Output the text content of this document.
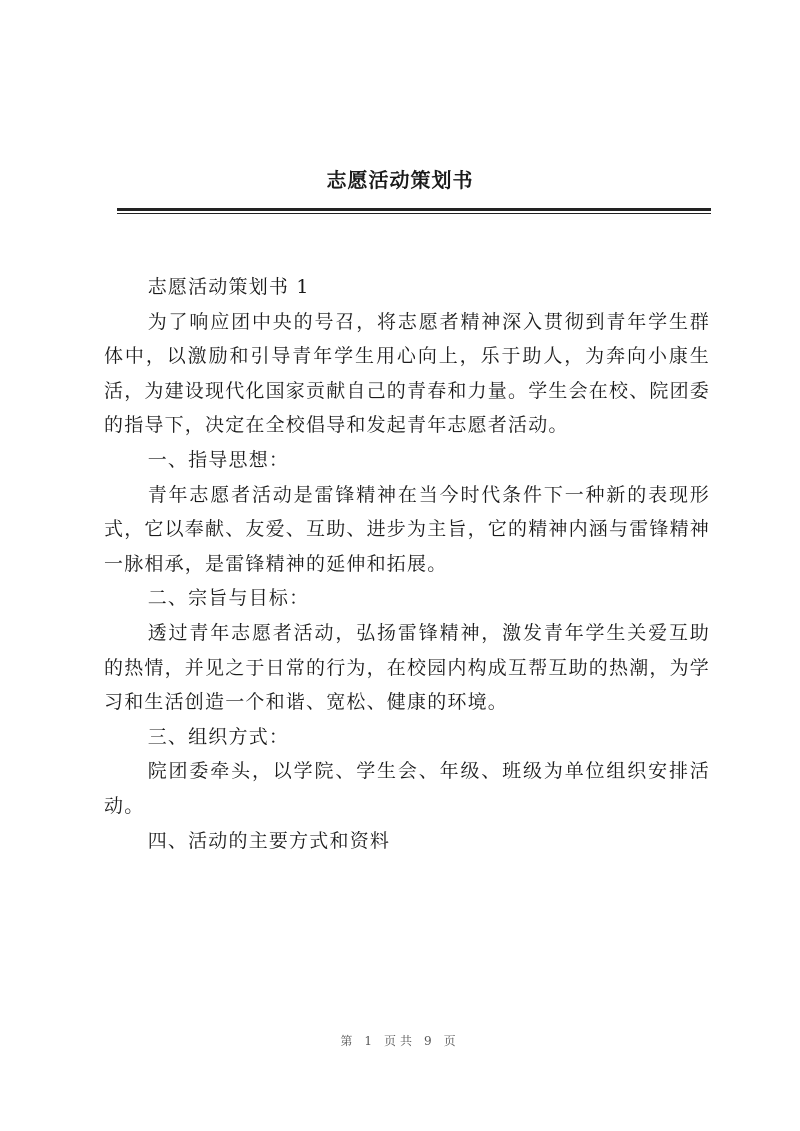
志愿活动策划书

志愿活动策划书 1

为了响应团中央的号召，将志愿者精神深入贯彻到青年学生群体中，以激励和引导青年学生用心向上，乐于助人，为奔向小康生活，为建设现代化国家贡献自己的青春和力量。学生会在校、院团委的指导下，决定在全校倡导和发起青年志愿者活动。

一、指导思想：

青年志愿者活动是雷锋精神在当今时代条件下一种新的表现形式，它以奉献、友爱、互助、进步为主旨，它的精神内涵与雷锋精神一脉相承，是雷锋精神的延伸和拓展。

二、宗旨与目标：

透过青年志愿者活动，弘扬雷锋精神，激发青年学生关爱互助的热情，并见之于日常的行为，在校园内构成互帮互助的热潮，为学习和生活创造一个和谐、宽松、健康的环境。

三、组织方式：

院团委牵头，以学院、学生会、年级、班级为单位组织安排活动。

四、活动的主要方式和资料

第 1 页共 9 页
